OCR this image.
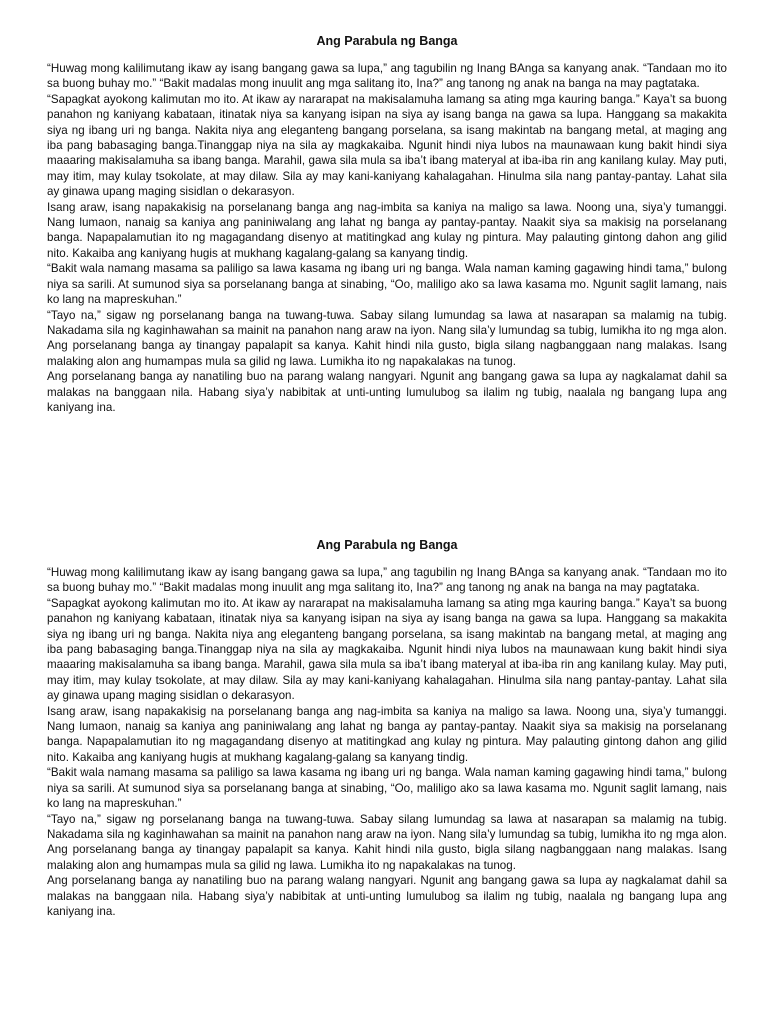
Ang Parabula ng Banga

“Huwag mong kalilimutang ikaw ay isang bangang gawa sa lupa,” ang tagubilin ng Inang BAnga sa kanyang anak. “Tandaan mo ito sa buong buhay mo.” “Bakit madalas mong inuulit ang mga salitang ito, Ina?” ang tanong ng anak na banga na may pagtataka.

“Sapagkat ayokong kalimutan mo ito. At ikaw ay nararapat na makisalamuha lamang sa ating mga kauring banga.” Kaya’t sa buong panahon ng kaniyang kabataan, itinatak niya sa kanyang isipan na siya ay isang banga na gawa sa lupa. Hanggang sa makakita siya ng ibang uri ng banga. Nakita niya ang eleganteng bangang porselana, sa isang makintab na bangang metal, at maging ang iba pang babasaging banga.Tinanggap niya na sila ay magkakaiba. Ngunit hindi niya lubos na maunawaan kung bakit hindi siya maaaring makisalamuha sa ibang banga. Marahil, gawa sila mula sa iba’t ibang materyal at iba-iba rin ang kanilang kulay. May puti, may itim, may kulay tsokolate, at may dilaw. Sila ay may kani-kaniyang kahalagahan. Hinulma sila nang pantay-pantay. Lahat sila ay ginawa upang maging sisidlan o dekarasyon.

Isang araw, isang napakakisig na porselanang banga ang nag-imbita sa kaniya na maligo sa lawa. Noong una, siya’y tumanggi. Nang lumaon, nanaig sa kaniya ang paniniwalang ang lahat ng banga ay pantay-pantay. Naakit siya sa makisig na porselanang banga. Napapalamutian ito ng magagandang disenyo at matitingkad ang kulay ng pintura. May palauting gintong dahon ang gilid nito. Kakaiba ang kaniyang hugis at mukhang kagalang-galang sa kanyang tindig.

“Bakit wala namang masama sa paliligo sa lawa kasama ng ibang uri ng banga. Wala naman kaming gagawing hindi tama,” bulong niya sa sarili. At sumunod siya sa porselanang banga at sinabing, “Oo, maliligo ako sa lawa kasama mo. Ngunit saglit lamang, nais ko lang na mapreskuhan.”

“Tayo na,” sigaw ng porselanang banga na tuwang-tuwa. Sabay silang lumundag sa lawa at nasarapan sa malamig na tubig. Nakadama sila ng kaginhawahan sa mainit na panahon nang araw na iyon. Nang sila’y lumundag sa tubig, lumikha ito ng mga alon. Ang porselanang banga ay tinangay papalapit sa kanya. Kahit hindi nila gusto, bigla silang nagbanggaan nang malakas. Isang malaking alon ang humampas mula sa gilid ng lawa. Lumikha ito ng napakalakas na tunog.

Ang porselanang banga ay nanatiling buo na parang walang nangyari. Ngunit ang bangang gawa sa lupa ay nagkalamat dahil sa malakas na banggaan nila. Habang siya’y nabibitak at unti-unting lumulubog sa ilalim ng tubig, naalala ng bangang lupa ang kaniyang ina.

Ang Parabula ng Banga

“Huwag mong kalilimutang ikaw ay isang bangang gawa sa lupa,” ang tagubilin ng Inang BAnga sa kanyang anak. “Tandaan mo ito sa buong buhay mo.” “Bakit madalas mong inuulit ang mga salitang ito, Ina?” ang tanong ng anak na banga na may pagtataka.

“Sapagkat ayokong kalimutan mo ito. At ikaw ay nararapat na makisalamuha lamang sa ating mga kauring banga.” Kaya’t sa buong panahon ng kaniyang kabataan, itinatak niya sa kanyang isipan na siya ay isang banga na gawa sa lupa. Hanggang sa makakita siya ng ibang uri ng banga. Nakita niya ang eleganteng bangang porselana, sa isang makintab na bangang metal, at maging ang iba pang babasaging banga.Tinanggap niya na sila ay magkakaiba. Ngunit hindi niya lubos na maunawaan kung bakit hindi siya maaaring makisalamuha sa ibang banga. Marahil, gawa sila mula sa iba’t ibang materyal at iba-iba rin ang kanilang kulay. May puti, may itim, may kulay tsokolate, at may dilaw. Sila ay may kani-kaniyang kahalagahan. Hinulma sila nang pantay-pantay. Lahat sila ay ginawa upang maging sisidlan o dekarasyon.

Isang araw, isang napakakisig na porselanang banga ang nag-imbita sa kaniya na maligo sa lawa. Noong una, siya’y tumanggi. Nang lumaon, nanaig sa kaniya ang paniniwalang ang lahat ng banga ay pantay-pantay. Naakit siya sa makisig na porselanang banga. Napapalamutian ito ng magagandang disenyo at matitingkad ang kulay ng pintura. May palauting gintong dahon ang gilid nito. Kakaiba ang kaniyang hugis at mukhang kagalang-galang sa kanyang tindig.

“Bakit wala namang masama sa paliligo sa lawa kasama ng ibang uri ng banga. Wala naman kaming gagawing hindi tama,” bulong niya sa sarili. At sumunod siya sa porselanang banga at sinabing, “Oo, maliligo ako sa lawa kasama mo. Ngunit saglit lamang, nais ko lang na mapreskuhan.”

“Tayo na,” sigaw ng porselanang banga na tuwang-tuwa. Sabay silang lumundag sa lawa at nasarapan sa malamig na tubig. Nakadama sila ng kaginhawahan sa mainit na panahon nang araw na iyon. Nang sila’y lumundag sa tubig, lumikha ito ng mga alon. Ang porselanang banga ay tinangay papalapit sa kanya. Kahit hindi nila gusto, bigla silang nagbanggaan nang malakas. Isang malaking alon ang humampas mula sa gilid ng lawa. Lumikha ito ng napakalakas na tunog.

Ang porselanang banga ay nanatiling buo na parang walang nangyari. Ngunit ang bangang gawa sa lupa ay nagkalamat dahil sa malakas na banggaan nila. Habang siya’y nabibitak at unti-unting lumulubog sa ilalim ng tubig, naalala ng bangang lupa ang kaniyang ina.
